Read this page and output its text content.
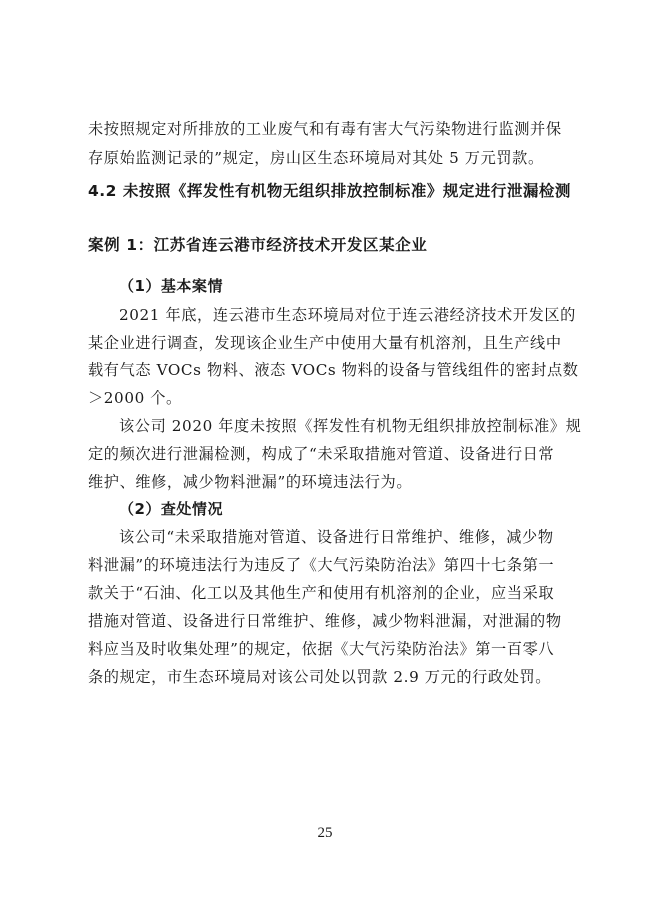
未按照规定对所排放的工业废气和有毒有害大气污染物进行监测并保
存原始监测记录的”规定，房山区生态环境局对其处 5 万元罚款。
4.2 未按照《挥发性有机物无组织排放控制标准》规定进行泄漏检测
案例 1：江苏省连云港市经济技术开发区某企业
（1）基本案情
2021 年底，连云港市生态环境局对位于连云港经济技术开发区的
某企业进行调查，发现该企业生产中使用大量有机溶剂，且生产线中
载有气态 VOCs 物料、液态 VOCs 物料的设备与管线组件的密封点数
＞2000 个。
该公司 2020 年度未按照《挥发性有机物无组织排放控制标准》规
定的频次进行泄漏检测，构成了“未采取措施对管道、设备进行日常
维护、维修，减少物料泄漏”的环境违法行为。
（2）查处情况
该公司“未采取措施对管道、设备进行日常维护、维修，减少物
料泄漏”的环境违法行为违反了《大气污染防治法》第四十七条第一
款关于“石油、化工以及其他生产和使用有机溶剂的企业，应当采取
措施对管道、设备进行日常维护、维修，减少物料泄漏，对泄漏的物
料应当及时收集处理”的规定，依据《大气污染防治法》第一百零八
条的规定，市生态环境局对该公司处以罚款 2.9 万元的行政处罚。
25
